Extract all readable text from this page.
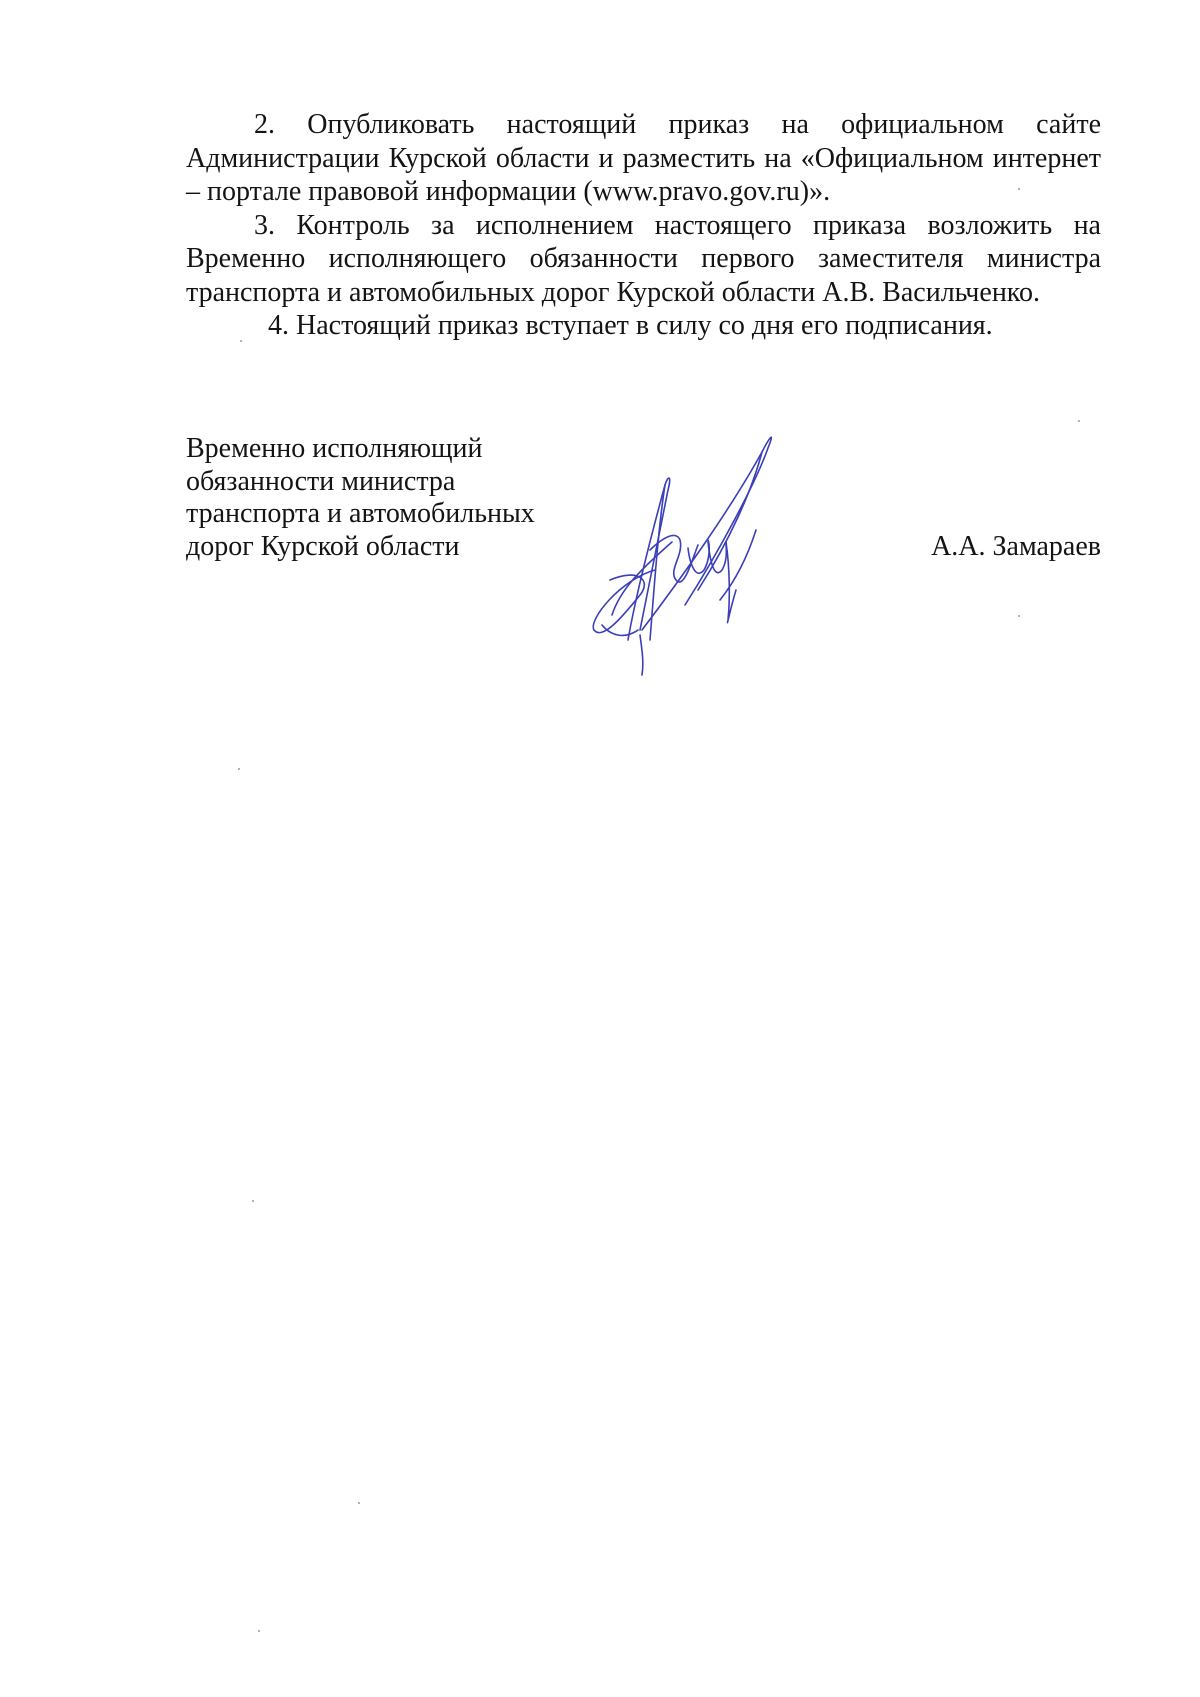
2. Опубликовать настоящий приказ на официальном сайте Администрации Курской области и разместить на «Официальном интернет – портале правовой информации (www.pravo.gov.ru)».

3. Контроль за исполнением настоящего приказа возложить на Временно исполняющего обязанности первого заместителя министра транспорта и автомобильных дорог Курской области А.В. Васильченко.

4. Настоящий приказ вступает в силу со дня его подписания.

Временно исполняющий
обязанности министра
транспорта и автомобильных
дорог Курской области	А.А. Замараев
